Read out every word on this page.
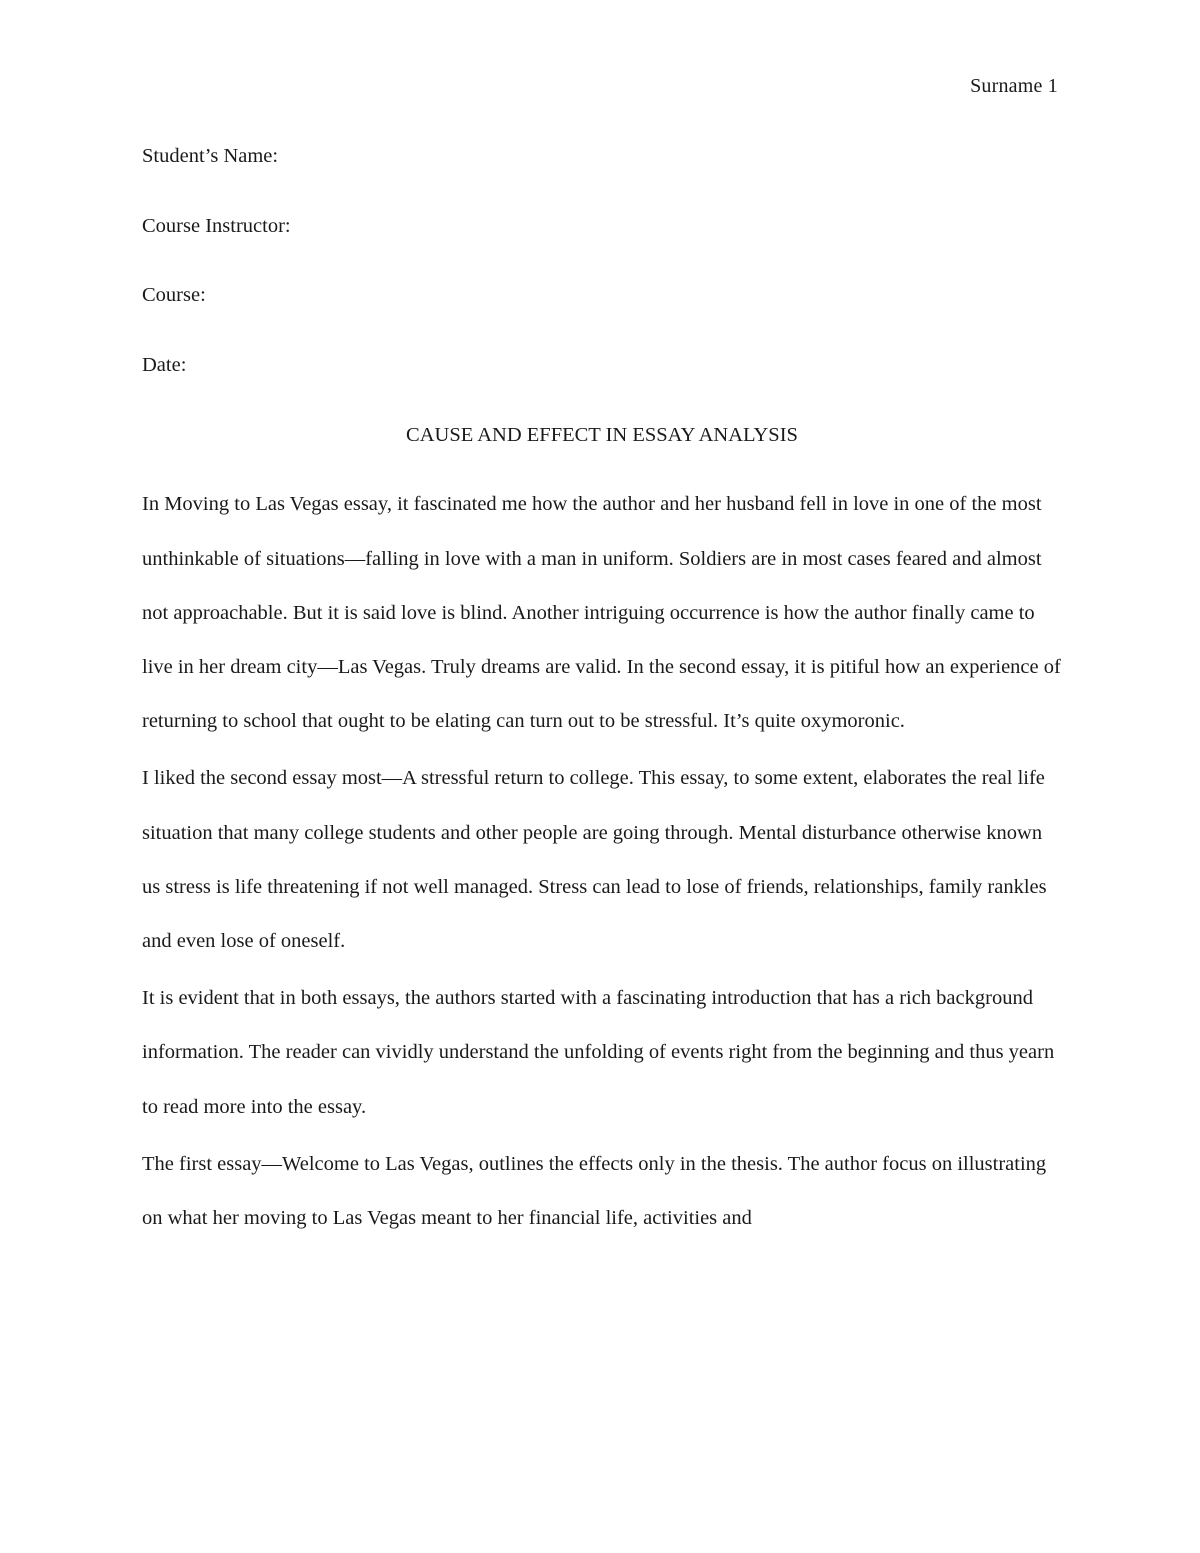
Surname 1
Student’s Name:
Course Instructor:
Course:
Date:
CAUSE AND EFFECT IN ESSAY ANALYSIS

In Moving to Las Vegas essay, it fascinated me how the author and her husband fell in love in one of the most unthinkable of situations—falling in love with a man in uniform. Soldiers are in most cases feared and almost not approachable. But it is said love is blind. Another intriguing occurrence is how the author finally came to live in her dream city—Las Vegas. Truly dreams are valid. In the second essay, it is pitiful how an experience of returning to school that ought to be elating can turn out to be stressful. It’s quite oxymoronic.

I liked the second essay most—A stressful return to college. This essay, to some extent, elaborates the real life situation that many college students and other people are going through. Mental disturbance otherwise known us stress is life threatening if not well managed. Stress can lead to lose of friends, relationships, family rankles and even lose of oneself.

It is evident that in both essays, the authors started with a fascinating introduction that has a rich background information. The reader can vividly understand the unfolding of events right from the beginning and thus yearn to read more into the essay.

The first essay—Welcome to Las Vegas, outlines the effects only in the thesis. The author focus on illustrating on what her moving to Las Vegas meant to her financial life, activities and
